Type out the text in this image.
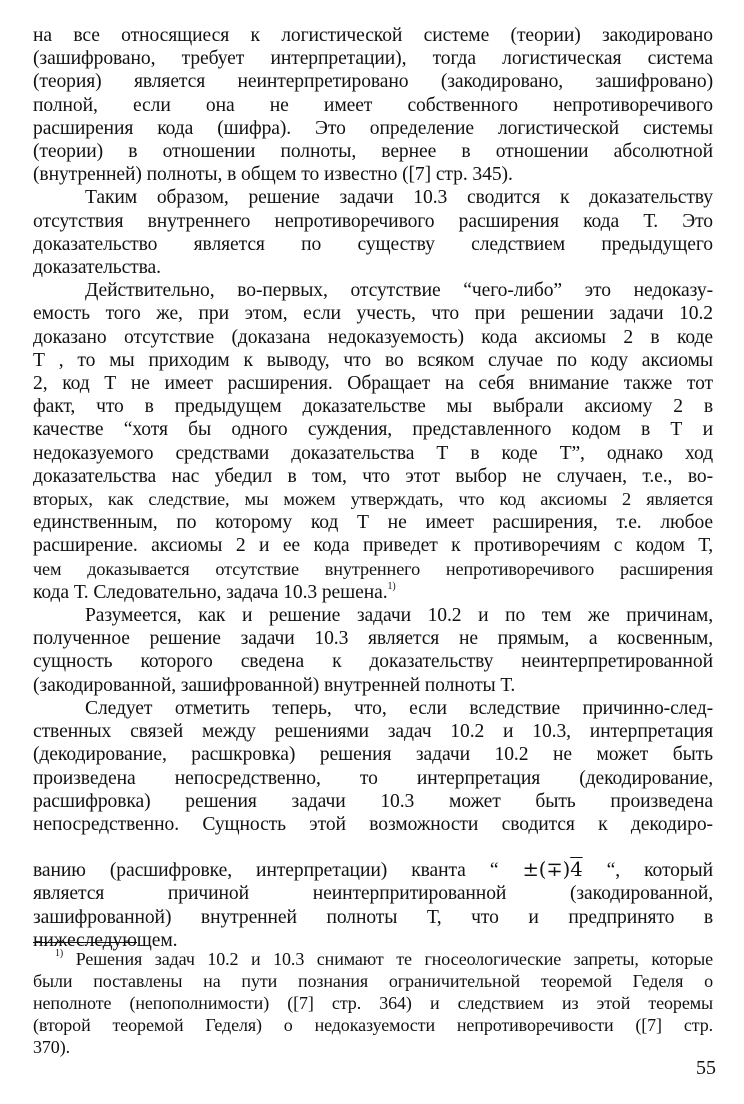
на все относящиеся к логистической системе (теории) закодировано
(зашифровано, требует интерпретации), тогда логистическая система
(теория) является неинтерпретировано (закодировано, зашифровано)
полной, если она не имеет собственного непротиворечивого
расширения кода (шифра). Это определение логистической системы
(теории) в отношении полноты, вернее в отношении абсолютной
(внутренней) полноты, в общем то известно ([7] стр. 345).
Таким образом, решение задачи 10.3 сводится к доказательству
отсутствия внутреннего непротиворечивого расширения кода Т. Это
доказательство является по существу следствием предыдущего
доказательства.
Действительно, во-первых, отсутствие “чего-либо” это недоказу-
емость того же, при этом, если учесть, что при решении задачи 10.2
доказано отсутствие (доказана недоказуемость) кода аксиомы 2 в коде
Т , то мы приходим к выводу, что во всяком случае по коду аксиомы
2, код Т не имеет расширения. Обращает на себя внимание также тот
факт, что в предыдущем доказательстве мы выбрали аксиому 2 в
качестве “хотя бы одного суждения, представленного кодом в Т и
недоказуемого средствами доказательства Т в коде Т”, однако ход
доказательства нас убедил в том, что этот выбор не случаен, т.е., во-
вторых, как следствие, мы можем утверждать, что код аксиомы 2 является
единственным, по которому код Т не имеет расширения, т.е. любое
расширение. аксиомы 2 и ее кода приведет к противоречиям с кодом Т,
чем доказывается отсутствие внутреннего непротиворечивого расширения
кода Т. Следовательно, задача 10.3 решена.$^{1)}$
Разумеется, как и решение задачи 10.2 и по тем же причинам,
полученное решение задачи 10.3 является не прямым, а косвенным,
сущность которого сведена к доказательству неинтерпретированной
(закодированной, зашифрованной) внутренней полноты Т.
Следует отметить теперь, что, если вследствие причинно-след-
ственных связей между решениями задач 10.2 и 10.3, интерпретация
(декодирование, расшкровка) решения задачи 10.2 не может быть
произведена непосредственно, то интерпретация (декодирование,
расшифровка) решения задачи 10.3 может быть произведена
непосредственно. Сущность этой возможности сводится к декодиро-
ванию (расшифровке, интерпретации) кванта “ ±(∓)4 “, который
является причиной неинтерпритированной (закодированной,
зашифрованной) внутренней полноты Т, что и предпринято в
нижеследующем.
$^{1)}$ Решения задач 10.2 и 10.3 снимают те гносеологические запреты, которые
были поставлены на пути познания ограничительной теоремой Геделя о
неполноте (непополнимости) ([7] стр. 364) и следствием из этой теоремы
(второй теоремой Геделя) о недоказуемости непротиворечивости ([7] стр.
370).
55
